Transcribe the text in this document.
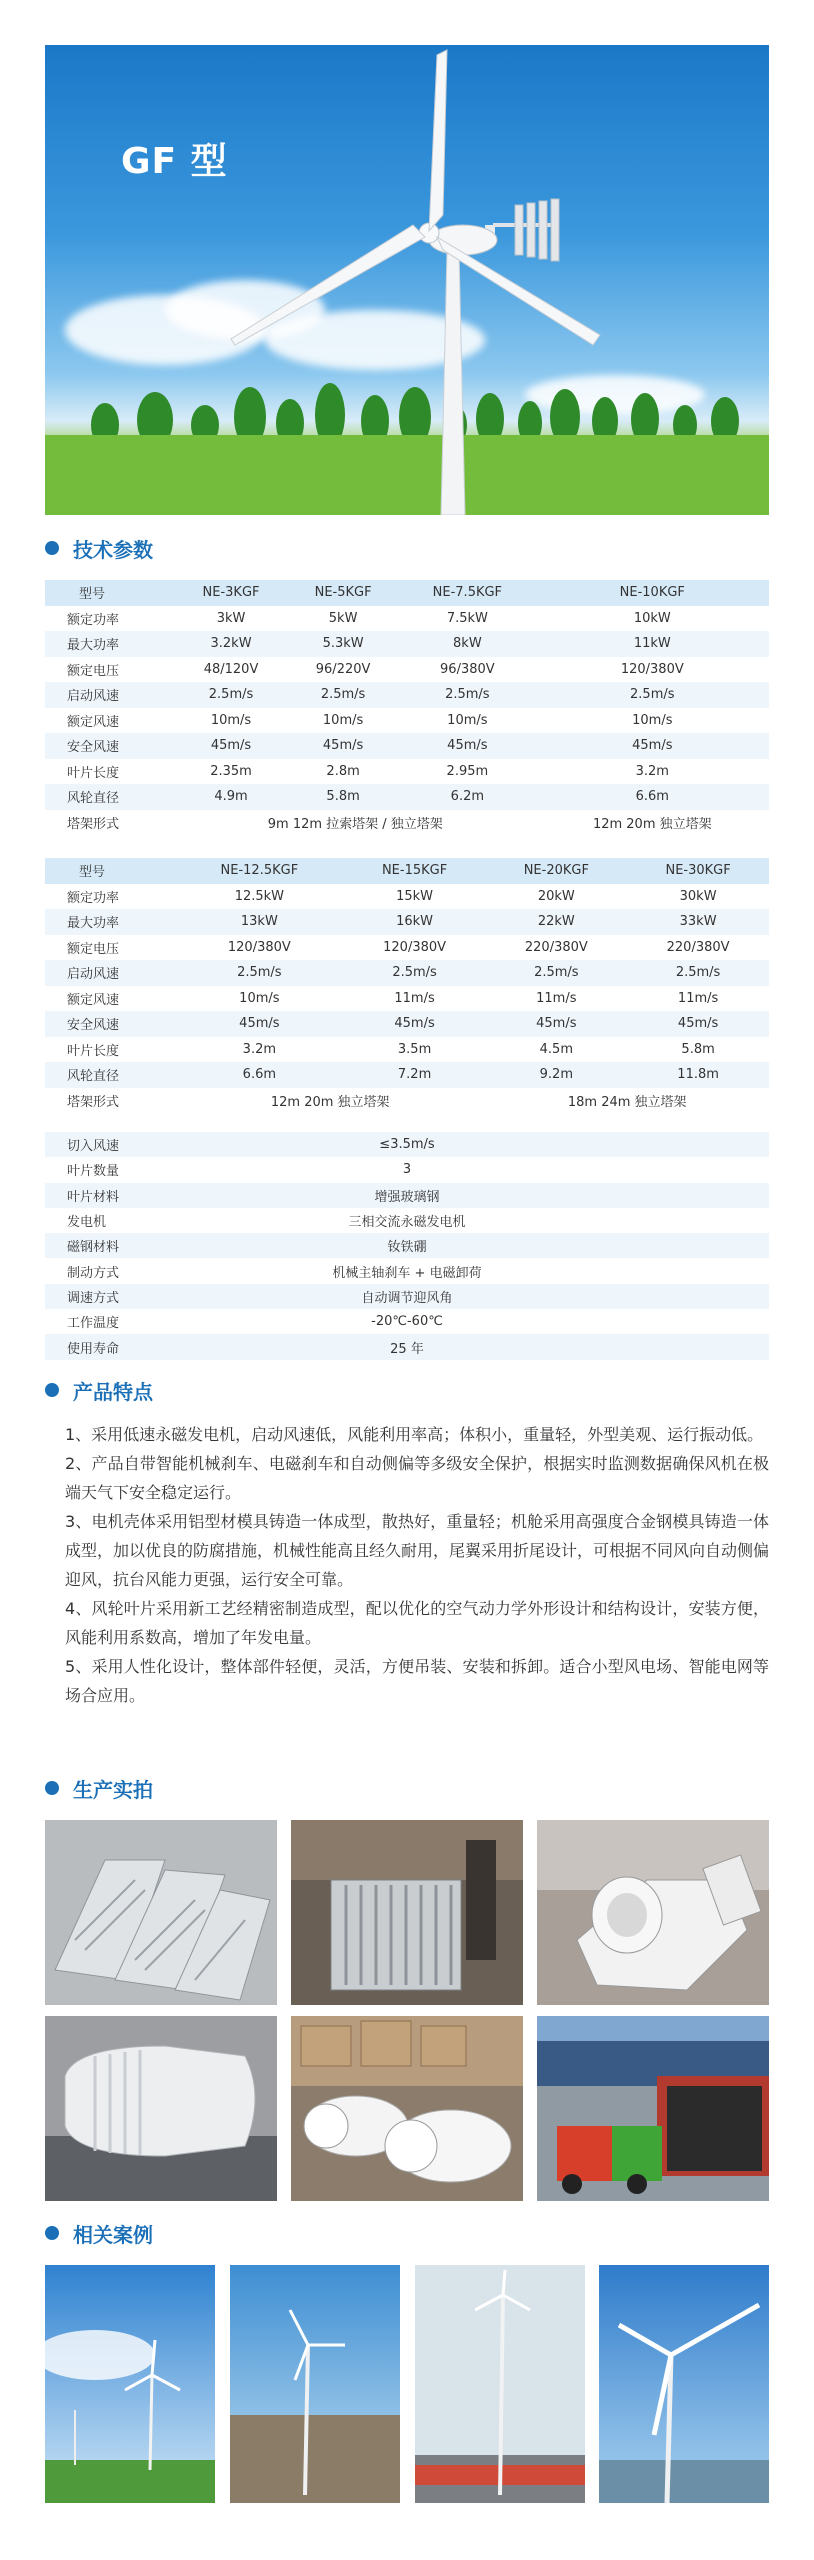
GF 型
技术参数
型号	NE-3KGF	NE-5KGF	NE-7.5KGF	NE-10KGF
额定功率	3kW	5kW	7.5kW	10kW
最大功率	3.2kW	5.3kW	8kW	11kW
额定电压	48/120V	96/220V	96/380V	120/380V
启动风速	2.5m/s	2.5m/s	2.5m/s	2.5m/s
额定风速	10m/s	10m/s	10m/s	10m/s
安全风速	45m/s	45m/s	45m/s	45m/s
叶片长度	2.35m	2.8m	2.95m	3.2m
风轮直径	4.9m	5.8m	6.2m	6.6m
塔架形式	9m 12m 拉索塔架 / 独立塔架			12m 20m 独立塔架
型号	NE-12.5KGF	NE-15KGF	NE-20KGF	NE-30KGF
额定功率	12.5kW	15kW	20kW	30kW
最大功率	13kW	16kW	22kW	33kW
额定电压	120/380V	120/380V	220/380V	220/380V
启动风速	2.5m/s	2.5m/s	2.5m/s	2.5m/s
额定风速	10m/s	11m/s	11m/s	11m/s
安全风速	45m/s	45m/s	45m/s	45m/s
叶片长度	3.2m	3.5m	4.5m	5.8m
风轮直径	6.6m	7.2m	9.2m	11.8m
塔架形式	12m 20m 独立塔架		18m 24m 独立塔架	
切入风速	≤3.5m/s
叶片数量	3
叶片材料	增强玻璃钢
发电机	三相交流永磁发电机
磁钢材料	钕铁硼
制动方式	机械主轴刹车 + 电磁卸荷
调速方式	自动调节迎风角
工作温度	-20℃-60℃
使用寿命	25 年
产品特点

1、采用低速永磁发电机，启动风速低，风能利用率高；体积小，重量轻，外型美观、运行振动低。

2、产品自带智能机械刹车、电磁刹车和自动侧偏等多级安全保护，根据实时监测数据确保风机在极端天气下安全稳定运行。

3、电机壳体采用铝型材模具铸造一体成型，散热好，重量轻；机舱采用高强度合金钢模具铸造一体成型，加以优良的防腐措施，机械性能高且经久耐用，尾翼采用折尾设计，可根据不同风向自动侧偏迎风，抗台风能力更强，运行安全可靠。

4、风轮叶片采用新工艺经精密制造成型，配以优化的空气动力学外形设计和结构设计，安装方便，风能利用系数高，增加了年发电量。

5、采用人性化设计，整体部件轻便，灵活，方便吊装、安装和拆卸。适合小型风电场、智能电网等场合应用。

生产实拍
相关案例
